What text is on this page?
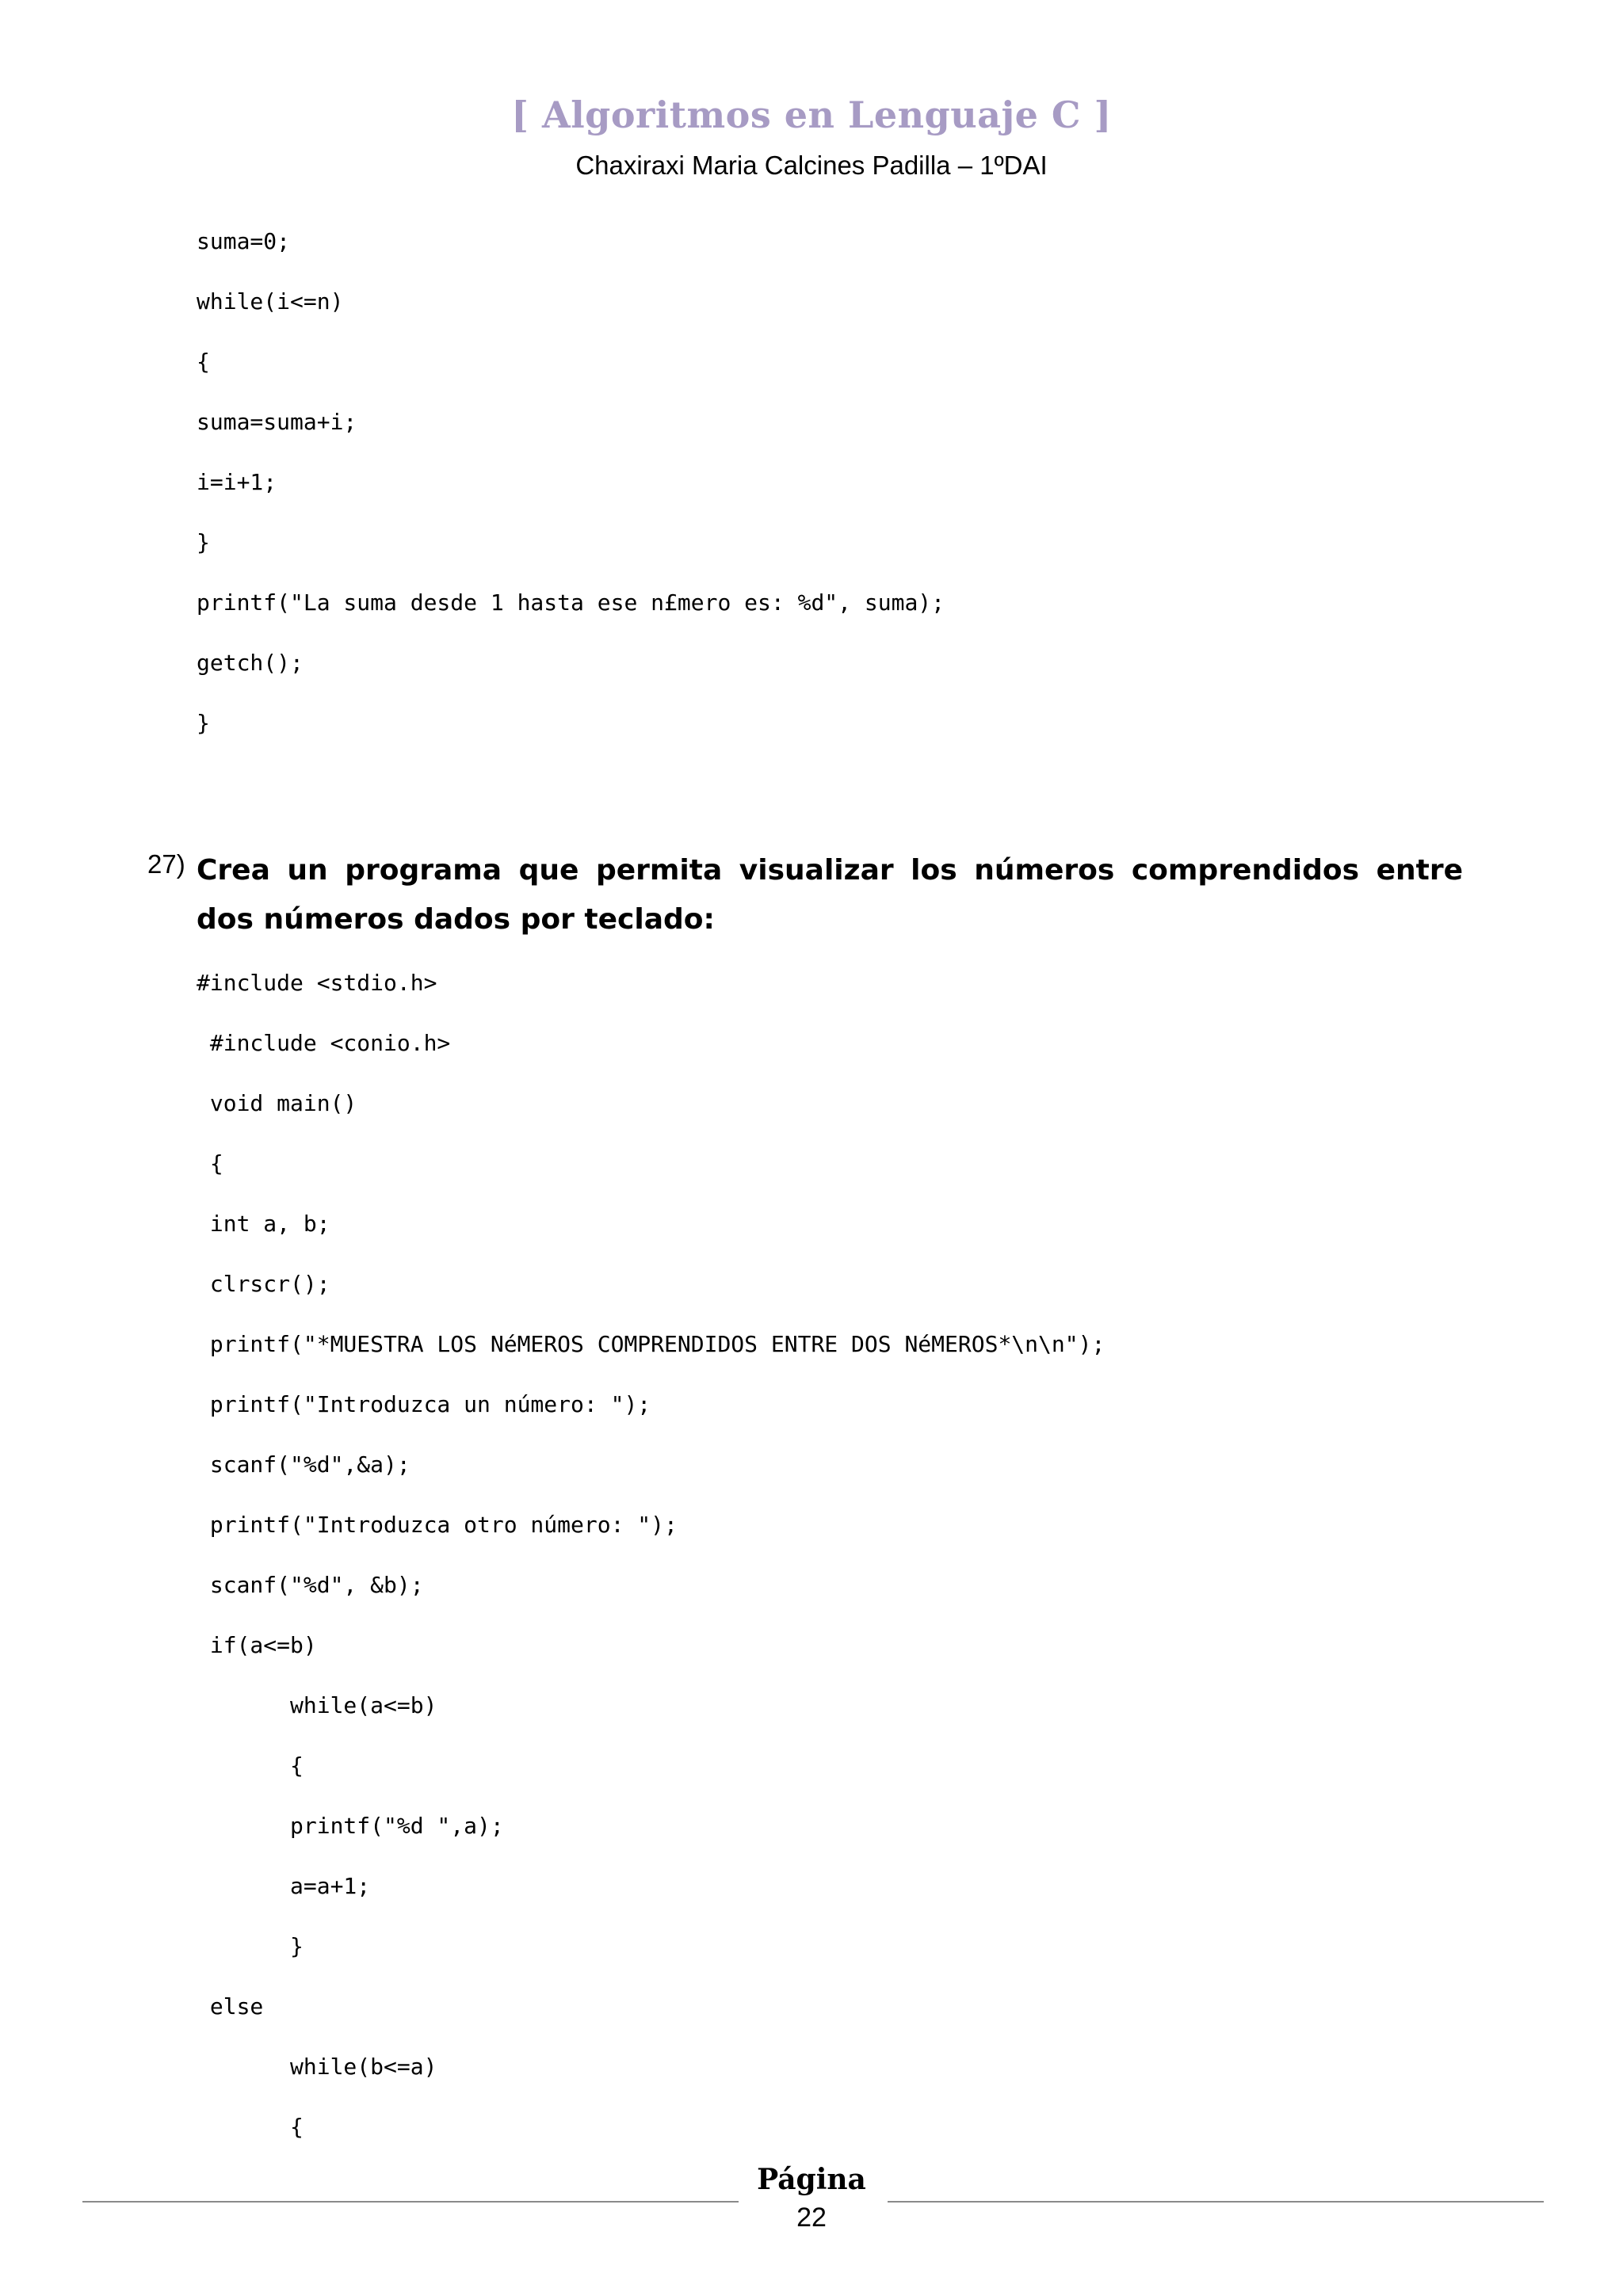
[ Algoritmos en Lenguaje C ]
Chaxiraxi Maria Calcines Padilla – 1ºDAI
suma=0;
while(i<=n)
{
suma=suma+i;
i=i+1;
}
printf("La suma desde 1 hasta ese n£mero es: %d", suma);
getch();
}
27) Crea un programa que permita visualizar los números comprendidos entre dos números dados por teclado:
#include <stdio.h>
#include <conio.h>
void main()
{
int a, b;
clrscr();
printf("*MUESTRA LOS NéMEROS COMPRENDIDOS ENTRE DOS NéMEROS*\n\n");
printf("Introduzca un número: ");
scanf("%d",&a);
printf("Introduzca otro número: ");
scanf("%d", &b);
if(a<=b)
while(a<=b)
{
printf("%d ",a);
a=a+1;
}
else
while(b<=a)
{
Página
22
